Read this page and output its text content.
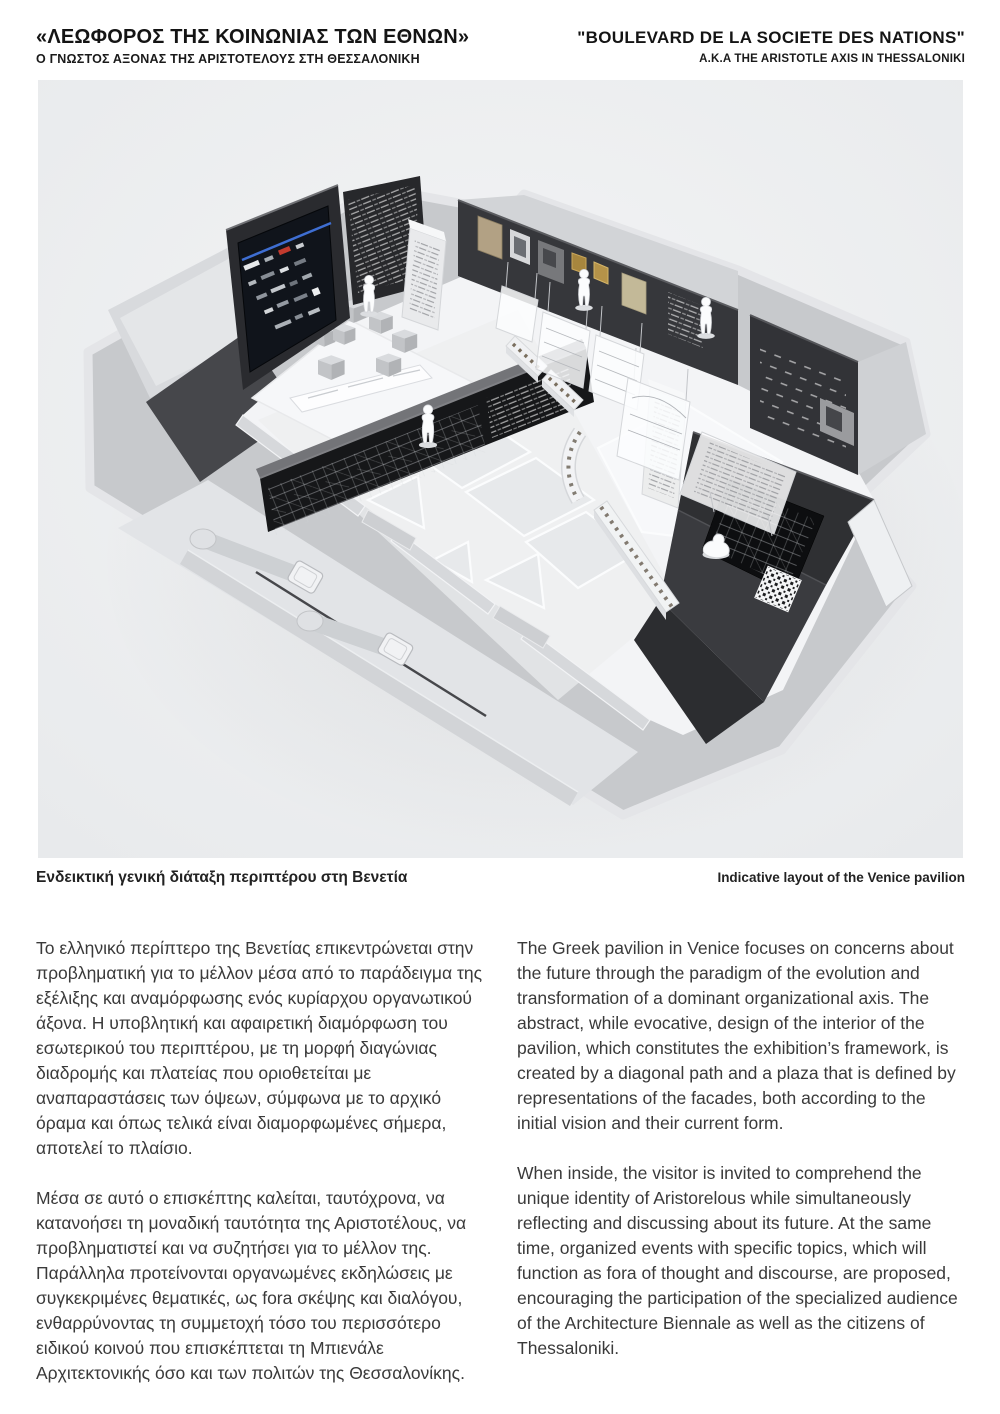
«ΛΕΩΦΟΡΟΣ ΤΗΣ ΚΟΙΝΩΝΙΑΣ ΤΩΝ ΕΘΝΩΝ»
Ο ΓΝΩΣΤΟΣ ΑΞΟΝΑΣ ΤΗΣ ΑΡΙΣΤΟΤΕΛΟΥΣ ΣΤΗ ΘΕΣΣΑΛΟΝΙΚΗ
"BOULEVARD DE LA SOCIETE DES NATIONS"
A.K.A THE ARISTOTLE AXIS IN THESSALONIKI
Ενδεικτική γενική διάταξη περιπτέρου στη Βενετία	Indicative layout of the Venice pavilion

Το ελληνικό περίπτερο της Βενετίας επικεντρώνεται στην προβληματική για το μέλλον μέσα από το παράδειγμα της εξέλιξης και αναμόρφωσης ενός κυρίαρχου οργανωτικού άξονα. Η υποβλητική και αφαιρετική διαμόρφωση του εσωτερικού του περιπτέρου, με τη μορφή διαγώνιας διαδρομής και πλατείας που οριοθετείται με αναπαραστάσεις των όψεων, σύμφωνα με το αρχικό όραμα και όπως τελικά είναι διαμορφωμένες σήμερα, αποτελεί το πλαίσιο.

Μέσα σε αυτό ο επισκέπτης καλείται, ταυτόχρονα, να κατανοήσει τη μοναδική ταυτότητα της Αριστοτέλους, να προβληματιστεί και να συζητήσει για το μέλλον της. Παράλληλα προτείνονται οργανωμένες εκδηλώσεις με συγκεκριμένες θεματικές, ως fora σκέψης και διαλόγου, ενθαρρύνοντας τη συμμετοχή τόσο του περισσότερο ειδικού κοινού που επισκέπτεται τη Μπιενάλε Αρχιτεκτονικής όσο και των πολιτών της Θεσσαλονίκης.

The Greek pavilion in Venice focuses on concerns about the future through the paradigm of the evolution and transformation of a dominant organizational axis. The abstract, while evocative, design of the interior of the pavilion, which constitutes the exhibition’s framework, is created by a diagonal path and a plaza that is defined by representations of the facades, both according to the initial vision and their current form.

When inside, the visitor is invited to comprehend the unique identity of Aristorelous while simultaneously reflecting and discussing about its future. At the same time, organized events with specific topics, which will function as fora of thought and discourse, are proposed, encouraging the participation of the specialized audience of the Architecture Biennale as well as the citizens of Thessaloniki.
